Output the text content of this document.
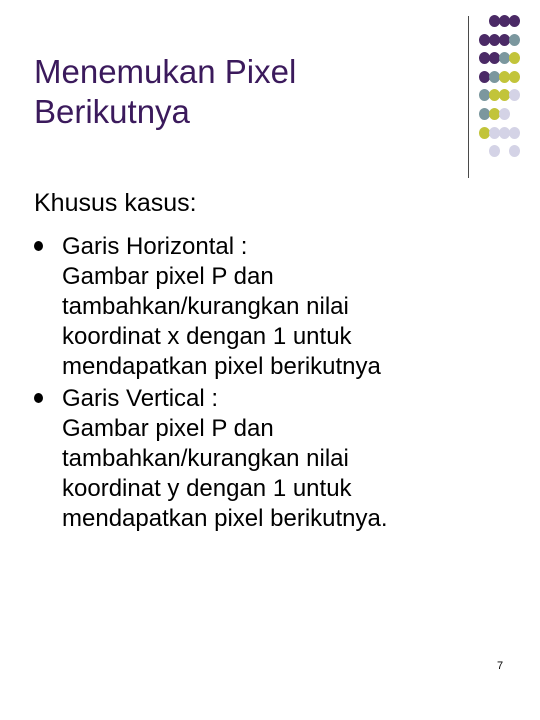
Menemukan Pixel
Berikutnya

Khusus kasus:

Garis Horizontal :
Gambar pixel P dan
tambahkan/kurangkan nilai
koordinat x dengan 1 untuk
mendapatkan pixel berikutnya
Garis Vertical :
Gambar pixel P dan
tambahkan/kurangkan nilai
koordinat y dengan 1 untuk
mendapatkan pixel berikutnya.
7
